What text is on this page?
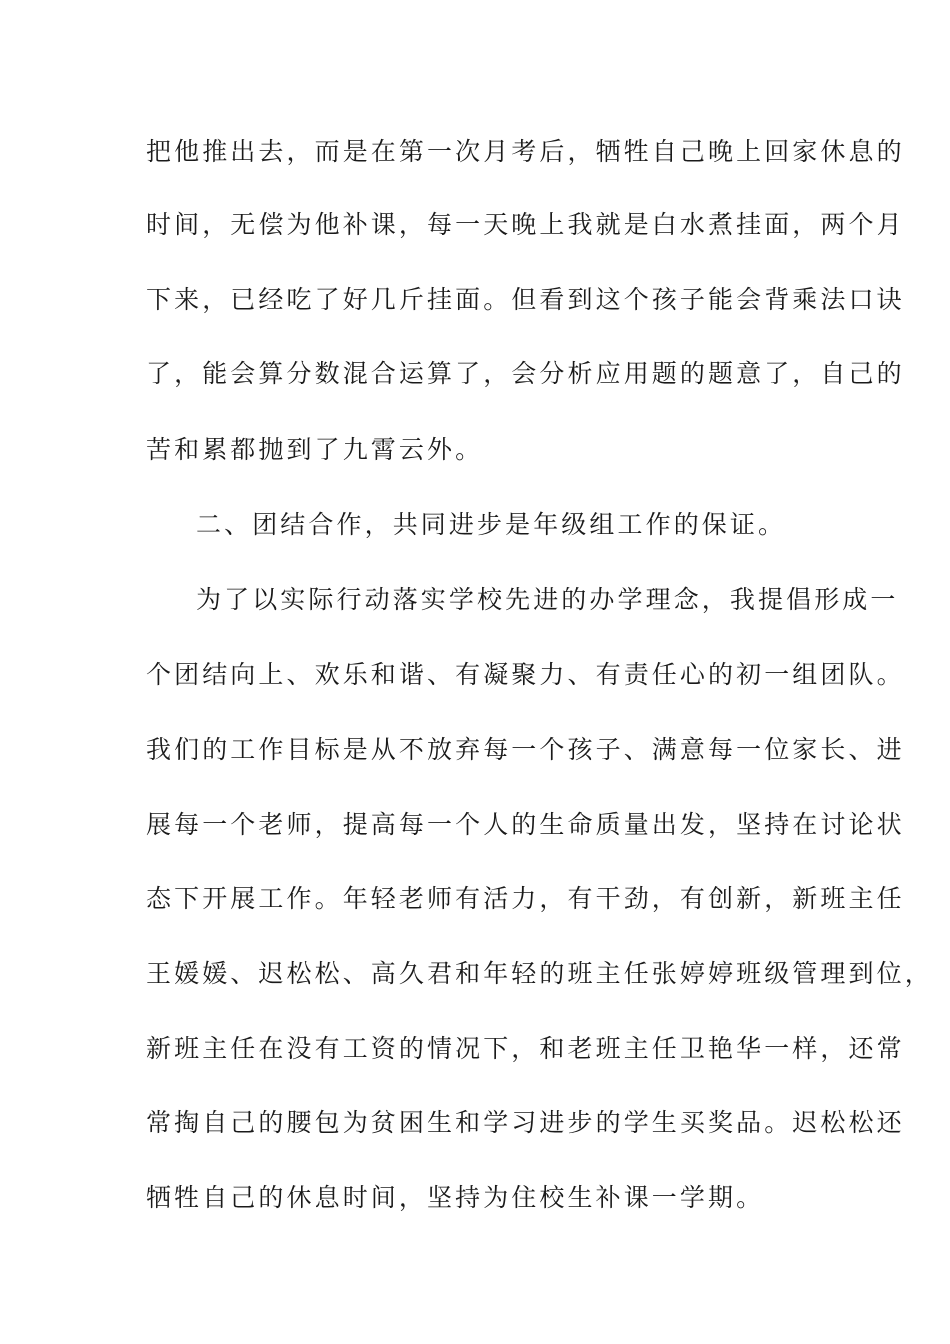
把他推出去，而是在第一次月考后，牺牲自己晚上回家休息的
时间，无偿为他补课，每一天晚上我就是白水煮挂面，两个月
下来，已经吃了好几斤挂面。但看到这个孩子能会背乘法口诀
了，能会算分数混合运算了，会分析应用题的题意了，自己的
苦和累都抛到了九霄云外。
二、团结合作，共同进步是年级组工作的保证。
为了以实际行动落实学校先进的办学理念，我提倡形成一
个团结向上、欢乐和谐、有凝聚力、有责任心的初一组团队。
我们的工作目标是从不放弃每一个孩子、满意每一位家长、进
展每一个老师，提高每一个人的生命质量出发，坚持在讨论状
态下开展工作。年轻老师有活力，有干劲，有创新，新班主任
王媛媛、迟松松、高久君和年轻的班主任张婷婷班级管理到位，
新班主任在没有工资的情况下，和老班主任卫艳华一样，还常
常掏自己的腰包为贫困生和学习进步的学生买奖品。迟松松还
牺牲自己的休息时间，坚持为住校生补课一学期。
